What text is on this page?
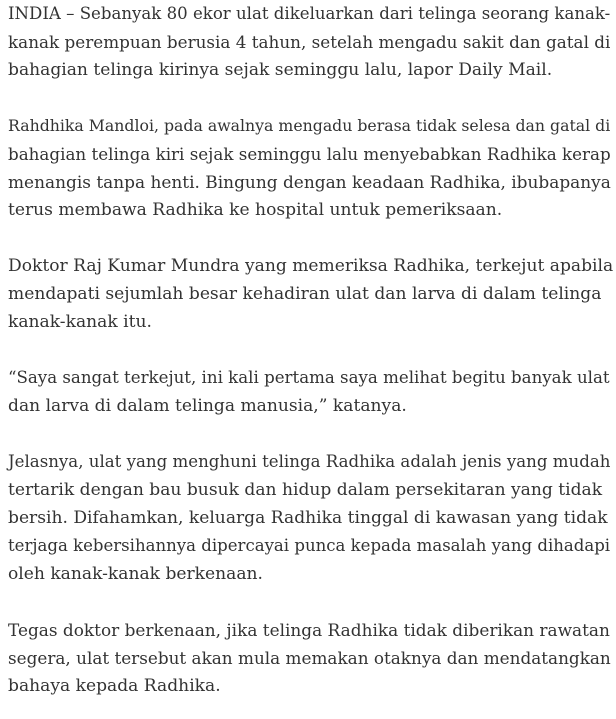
INDIA – Sebanyak 80 ekor ulat dikeluarkan dari telinga seorang kanak-
kanak perempuan berusia 4 tahun, setelah mengadu sakit dan gatal di
bahagian telinga kirinya sejak seminggu lalu, lapor Daily Mail.

Rahdhika Mandloi, pada awalnya mengadu berasa tidak selesa dan gatal di
bahagian telinga kiri sejak seminggu lalu menyebabkan Radhika kerap
menangis tanpa henti. Bingung dengan keadaan Radhika, ibubapanya
terus membawa Radhika ke hospital untuk pemeriksaan.

Doktor Raj Kumar Mundra yang memeriksa Radhika, terkejut apabila
mendapati sejumlah besar kehadiran ulat dan larva di dalam telinga
kanak-kanak itu.

“Saya sangat terkejut, ini kali pertama saya melihat begitu banyak ulat
dan larva di dalam telinga manusia,” katanya.

Jelasnya, ulat yang menghuni telinga Radhika adalah jenis yang mudah
tertarik dengan bau busuk dan hidup dalam persekitaran yang tidak
bersih. Difahamkan, keluarga Radhika tinggal di kawasan yang tidak
terjaga kebersihannya dipercayai punca kepada masalah yang dihadapi
oleh kanak-kanak berkenaan.

Tegas doktor berkenaan, jika telinga Radhika tidak diberikan rawatan
segera, ulat tersebut akan mula memakan otaknya dan mendatangkan
bahaya kepada Radhika.
